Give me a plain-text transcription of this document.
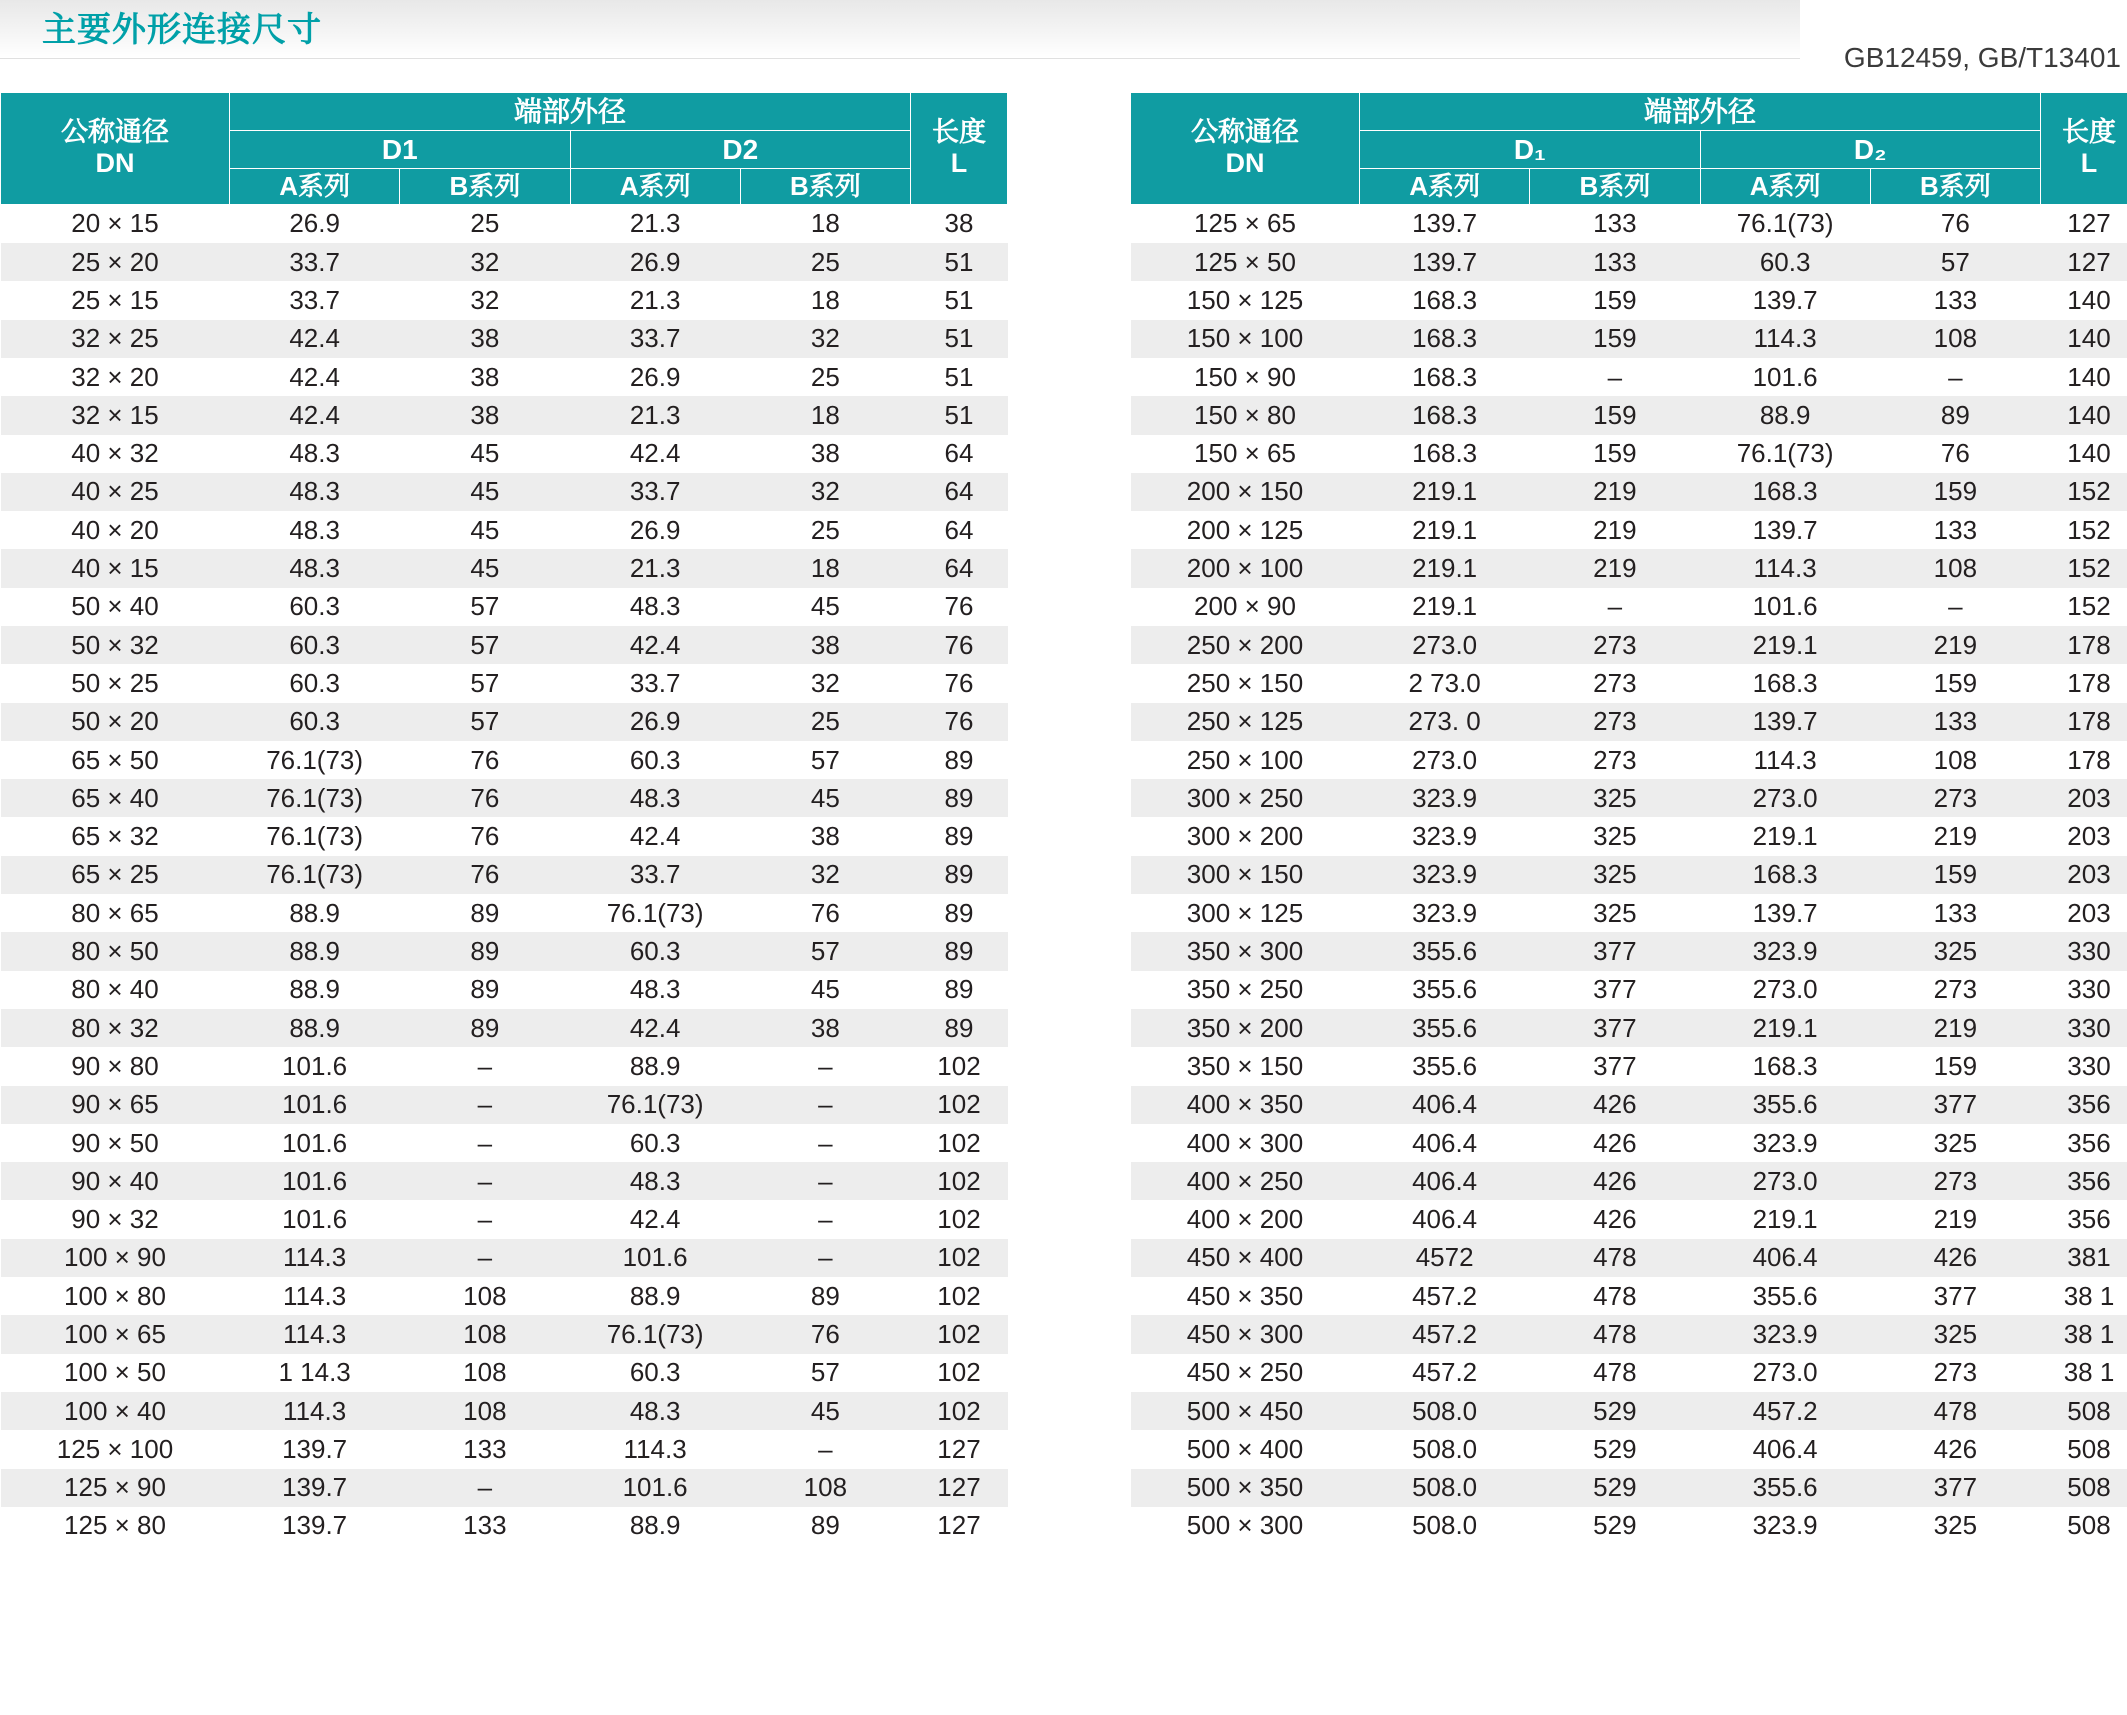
主要外形连接尺寸
GB12459, GB/T13401
公称通径
DN
	端部外径	
长度
L

	D1		D2		
	A系列	B系列	A系列	B系列	
20 × 15	26.9	25	21.3	18	38
25 × 20	33.7	32	26.9	25	51
25 × 15	33.7	32	21.3	18	51
32 × 25	42.4	38	33.7	32	51
32 × 20	42.4	38	26.9	25	51
32 × 15	42.4	38	21.3	18	51
40 × 32	48.3	45	42.4	38	64
40 × 25	48.3	45	33.7	32	64
40 × 20	48.3	45	26.9	25	64
40 × 15	48.3	45	21.3	18	64
50 × 40	60.3	57	48.3	45	76
50 × 32	60.3	57	42.4	38	76
50 × 25	60.3	57	33.7	32	76
50 × 20	60.3	57	26.9	25	76
65 × 50	76.1(73)	76	60.3	57	89
65 × 40	76.1(73)	76	48.3	45	89
65 × 32	76.1(73)	76	42.4	38	89
65 × 25	76.1(73)	76	33.7	32	89
80 × 65	88.9	89	76.1(73)	76	89
80 × 50	88.9	89	60.3	57	89
80 × 40	88.9	89	48.3	45	89
80 × 32	88.9	89	42.4	38	89
90 × 80	101.6	–	88.9	–	102
90 × 65	101.6	–	76.1(73)	–	102
90 × 50	101.6	–	60.3	–	102
90 × 40	101.6	–	48.3	–	102
90 × 32	101.6	–	42.4	–	102
100 × 90	114.3	–	101.6	–	102
100 × 80	114.3	108	88.9	89	102
100 × 65	114.3	108	76.1(73)	76	102
100 × 50	1 14.3	108	60.3	57	102
100 × 40	114.3	108	48.3	45	102
125 × 100	139.7	133	114.3	–	127
125 × 90	139.7	–	101.6	108	127
125 × 80	139.7	133	88.9	89	127
公称通径
DN
	端部外径	
长度
L

	D₁		D₂		
	A系列	B系列	A系列	B系列	
125 × 65	139.7	133	76.1(73)	76	127
125 × 50	139.7	133	60.3	57	127
150 × 125	168.3	159	139.7	133	140
150 × 100	168.3	159	114.3	108	140
150 × 90	168.3	–	101.6	–	140
150 × 80	168.3	159	88.9	89	140
150 × 65	168.3	159	76.1(73)	76	140
200 × 150	219.1	219	168.3	159	152
200 × 125	219.1	219	139.7	133	152
200 × 100	219.1	219	114.3	108	152
200 × 90	219.1	–	101.6	–	152
250 × 200	273.0	273	219.1	219	178
250 × 150	2 73.0	273	168.3	159	178
250 × 125	273. 0	273	139.7	133	178
250 × 100	273.0	273	114.3	108	178
300 × 250	323.9	325	273.0	273	203
300 × 200	323.9	325	219.1	219	203
300 × 150	323.9	325	168.3	159	203
300 × 125	323.9	325	139.7	133	203
350 × 300	355.6	377	323.9	325	330
350 × 250	355.6	377	273.0	273	330
350 × 200	355.6	377	219.1	219	330
350 × 150	355.6	377	168.3	159	330
400 × 350	406.4	426	355.6	377	356
400 × 300	406.4	426	323.9	325	356
400 × 250	406.4	426	273.0	273	356
400 × 200	406.4	426	219.1	219	356
450 × 400	4572	478	406.4	426	381
450 × 350	457.2	478	355.6	377	38 1
450 × 300	457.2	478	323.9	325	38 1
450 × 250	457.2	478	273.0	273	38 1
500 × 450	508.0	529	457.2	478	508
500 × 400	508.0	529	406.4	426	508
500 × 350	508.0	529	355.6	377	508
500 × 300	508.0	529	323.9	325	508
